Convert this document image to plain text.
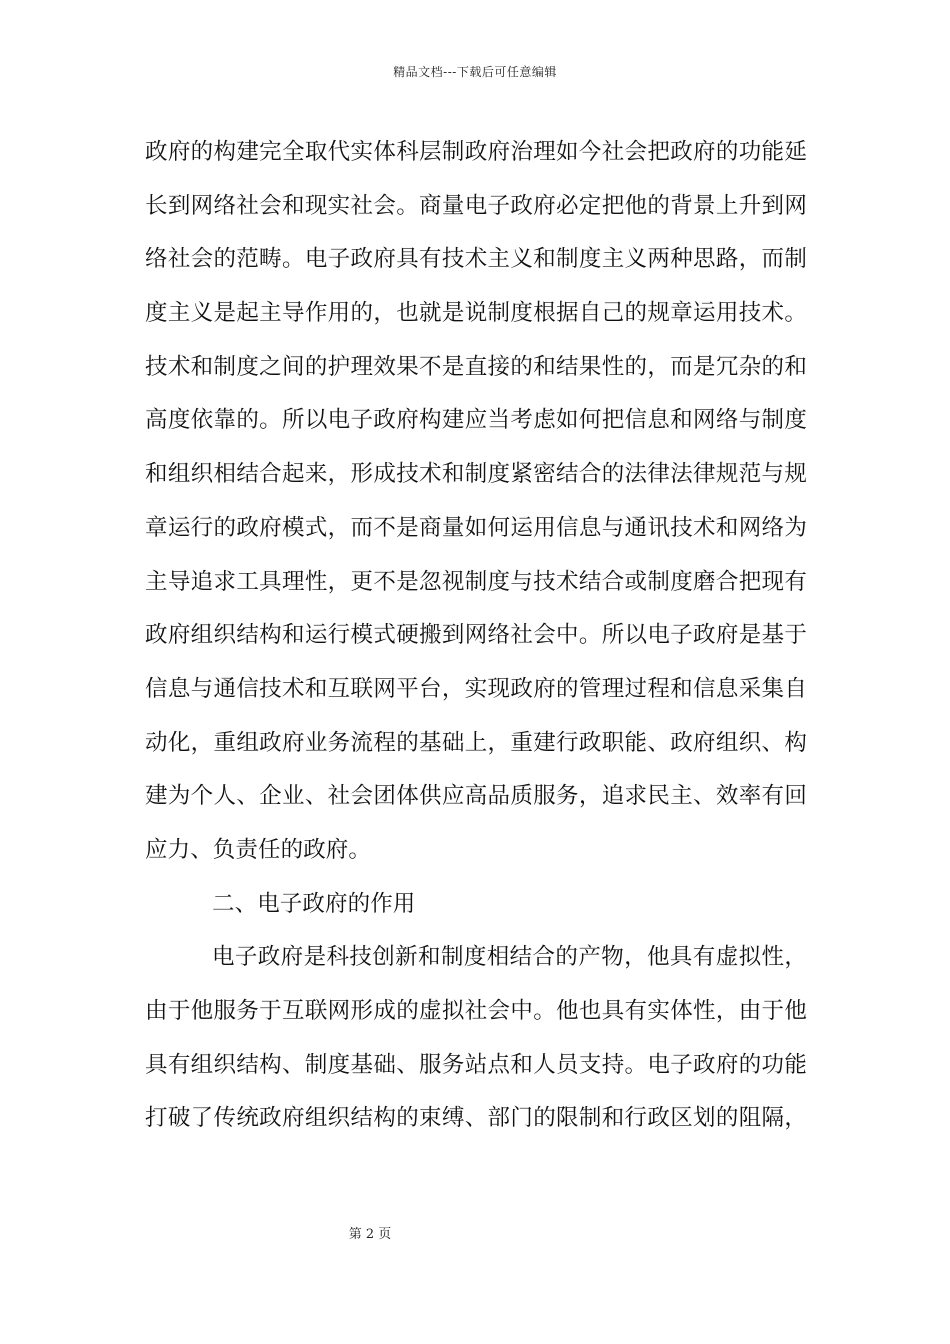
精品文档---下载后可任意编辑
政府的构建完全取代实体科层制政府治理如今社会把政府的功能延
长到网络社会和现实社会。商量电子政府必定把他的背景上升到网
络社会的范畴。电子政府具有技术主义和制度主义两种思路，而制
度主义是起主导作用的，也就是说制度根据自己的规章运用技术。
技术和制度之间的护理效果不是直接的和结果性的，而是冗杂的和
高度依靠的。所以电子政府构建应当考虑如何把信息和网络与制度
和组织相结合起来，形成技术和制度紧密结合的法律法律规范与规
章运行的政府模式，而不是商量如何运用信息与通讯技术和网络为
主导追求工具理性，更不是忽视制度与技术结合或制度磨合把现有
政府组织结构和运行模式硬搬到网络社会中。所以电子政府是基于
信息与通信技术和互联网平台，实现政府的管理过程和信息采集自
动化，重组政府业务流程的基础上，重建行政职能、政府组织、构
建为个人、企业、社会团体供应高品质服务，追求民主、效率有回
应力、负责任的政府。
二、电子政府的作用
电子政府是科技创新和制度相结合的产物，他具有虚拟性，
由于他服务于互联网形成的虚拟社会中。他也具有实体性，由于他
具有组织结构、制度基础、服务站点和人员支持。电子政府的功能
打破了传统政府组织结构的束缚、部门的限制和行政区划的阻隔，
第 2 页
